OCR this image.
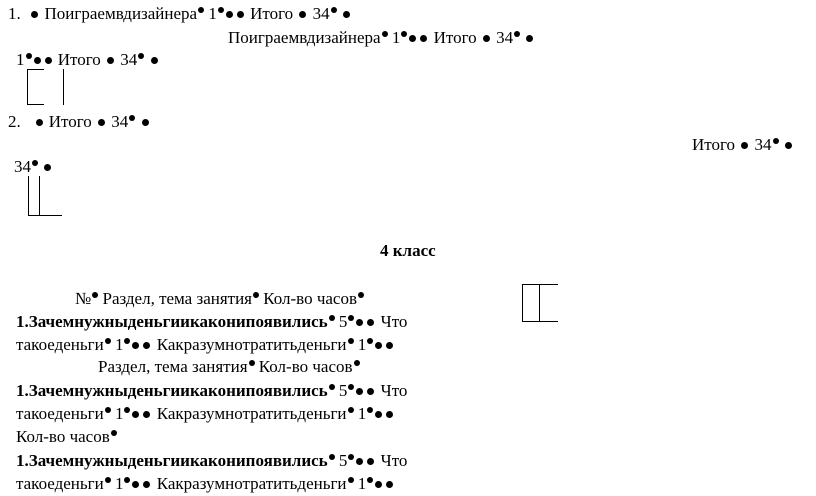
1. Поиграемвдизайнера 1 Итого 34
Поиграемвдизайнера 1 Итого 34
1 Итого 34
2. Итого 34
Итого 34
34
4 класс
№ Раздел, тема занятия Кол-во часов
1.Зачемнужныденьгиикаконипоявились 5 Что
такоеденьги 1 Какразумнотратитьденьги 1
Раздел, тема занятия Кол-во часов
1.Зачемнужныденьгиикаконипоявились 5 Что
такоеденьги 1 Какразумнотратитьденьги 1
Кол-во часов
1.Зачемнужныденьгиикаконипоявились 5 Что
такоеденьги 1 Какразумнотратитьденьги 1
